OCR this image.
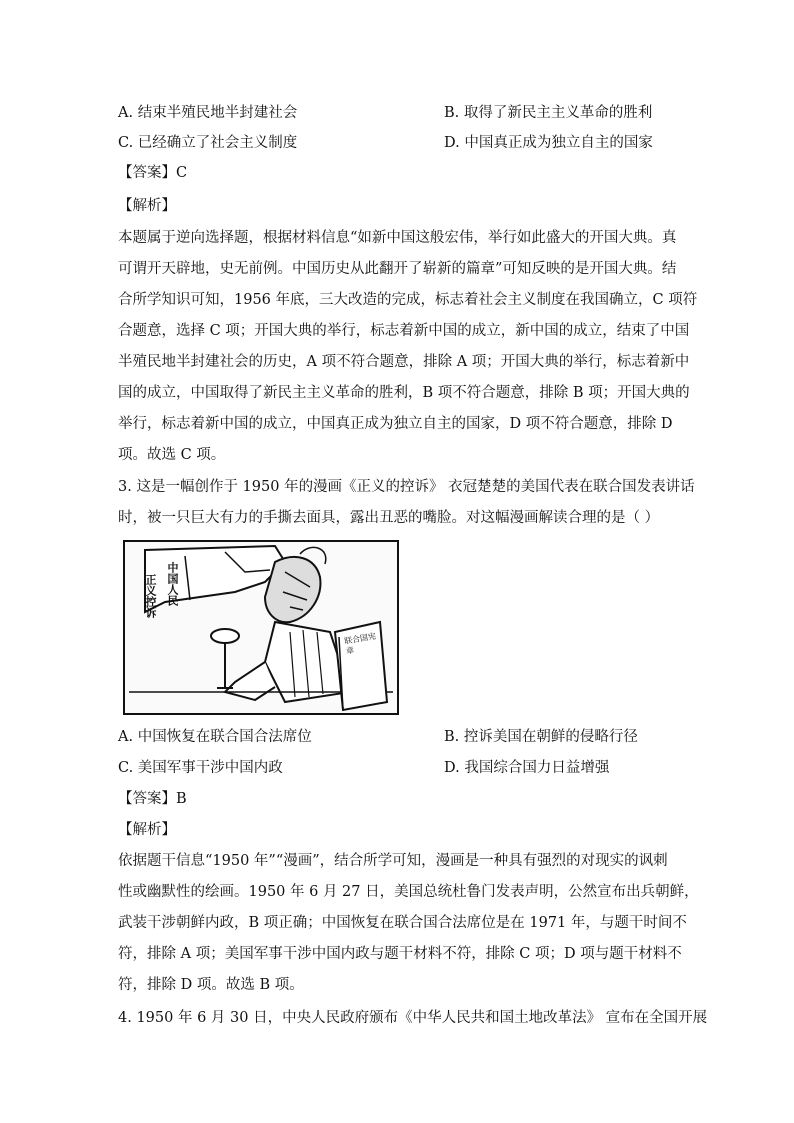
A. 结束半殖民地半封建社会	B. 取得了新民主主义革命的胜利
C. 已经确立了社会主义制度	D. 中国真正成为独立自主的国家
【答案】C
【解析】
本题属于逆向选择题，根据材料信息“如新中国这般宏伟，举行如此盛大的开国大典。真
可谓开天辟地，史无前例。中国历史从此翻开了崭新的篇章”可知反映的是开国大典。结
合所学知识可知，1956 年底，三大改造的完成，标志着社会主义制度在我国确立，C 项符
合题意，选择 C 项；开国大典的举行，标志着新中国的成立，新中国的成立，结束了中国
半殖民地半封建社会的历史，A 项不符合题意，排除 A 项；开国大典的举行，标志着新中
国的成立，中国取得了新民主主义革命的胜利，B 项不符合题意，排除 B 项；开国大典的
举行，标志着新中国的成立，中国真正成为独立自主的国家，D 项不符合题意，排除 D
项。故选 C 项。
3. 这是一幅创作于 1950 年的漫画《正义的控诉》 衣冠楚楚的美国代表在联合国发表讲话
时，被一只巨大有力的手撕去面具，露出丑恶的嘴脸。对这幅漫画解读合理的是（ ）
中国人民
正义控诉
联合国宪章
A. 中国恢复在联合国合法席位	B. 控诉美国在朝鲜的侵略行径
C. 美国军事干涉中国内政	D. 我国综合国力日益增强
【答案】B
【解析】
依据题干信息“1950 年”“漫画”，结合所学可知，漫画是一种具有强烈的对现实的讽刺
性或幽默性的绘画。1950 年 6 月 27 日，美国总统杜鲁门发表声明，公然宣布出兵朝鲜，
武装干涉朝鲜内政，B 项正确；中国恢复在联合国合法席位是在 1971 年，与题干时间不
符，排除 A 项；美国军事干涉中国内政与题干材料不符，排除 C 项；D 项与题干材料不
符，排除 D 项。故选 B 项。
4. 1950 年 6 月 30 日，中央人民政府颁布《中华人民共和国土地改革法》 宣布在全国开展
